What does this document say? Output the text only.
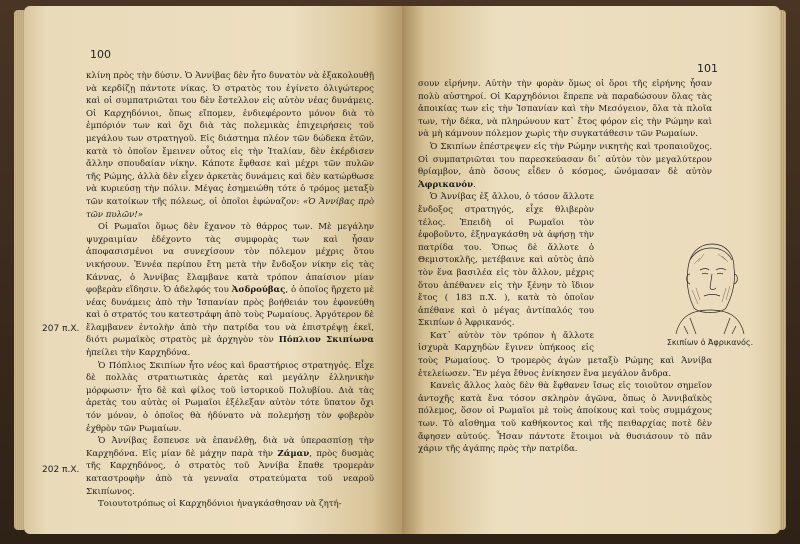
100
207 π.Χ.
202 π.Χ.

κλίνη πρὸς τὴν δύσιν. Ὁ Ἀννίβας δὲν ἦτο δυνατὸν νὰ ἐξακολουθῇ νὰ κερδίζῃ πάντοτε νίκας. Ὁ στρατὸς του ἐγίνετο ὀλιγώτερος καὶ οἱ συμπατριῶται του δὲν ἔστελλον εἰς αὐτὸν νέας δυνάμεις. Οἱ Καρχηδόνιοι, ὅπως εἴπομεν, ἐνδιεφέροντο μόνον διὰ τὸ ἐμπόριόν των καὶ ὄχι διὰ τὰς πολεμικὰς ἐπιχειρήσεις τοῦ μεγάλου των στρατηγοῦ. Εἰς διάστημα πλέον τῶν δώδεκα ἐτῶν, κατὰ τὸ ὁποῖον ἔμεινεν οὗτος εἰς τὴν Ἰταλίαν, δὲν ἐκέρδισεν ἄλλην σπουδαίαν νίκην. Κάποτε ἔφθασε καὶ μέχρι τῶν πυλῶν τῆς Ρώμης, ἀλλὰ δὲν εἶχεν ἀρκετὰς δυνάμεις καὶ δὲν κατώρθωσε νὰ κυριεύσῃ τὴν πόλιν. Μέγας ἐσημειώθη τότε ὁ τρόμος μεταξὺ τῶν κατοίκων τῆς πόλεως, οἱ ὁποῖοι ἐφώναζον: «Ὁ Ἀννίβας πρὸ τῶν πυλῶν!»

Οἱ Ρωμαῖοι ὅμως δὲν ἔχανον τὸ θάρρος των. Μὲ μεγάλην ψυχραιμίαν ἐδέχοντο τὰς συμφορὰς των καὶ ἦσαν ἀποφασισμένοι να συνεχίσουν τὸν πόλεμον μέχρις ὅτου νικήσουν. Ἐννέα περίπου ἔτη μετὰ τὴν ἔνδοξον νίκην εἰς τὰς Κάννας, ὁ Ἀννίβας ἔλαμβανε κατὰ τρόπον ἀπαίσιον μίαν φοβερὰν εἴδησιν. Ὁ ἀδελφός του Ἀσδρούβας, ὁ ὁποῖος ἤρχετο μὲ νέας δυνάμεις ἀπὸ τὴν Ἰσπανίαν πρὸς βοήθειάν του ἐφονεύθη καὶ ὁ στρατός του κατεστράφη ἀπὸ τοὺς Ρωμαίους. Ἀργότερον δὲ ἔλαμβανεν ἐντολὴν ἀπὸ τὴν πατρίδα του νὰ ἐπιστρέψῃ ἐκεῖ, διότι ρωμαϊκὸς στρατὸς μὲ ἀρχηγὸν τὸν Πόπλιον Σκιπίωνα ἠπείλει τὴν Καρχηδόνα.

Ὁ Πόπλιος Σκιπίων ἦτο νέος καὶ δραστήριος στρατηγός. Εἶχε δὲ πολλὰς στρατιωτικὰς ἀρετὰς καὶ μεγάλην ἑλληνικὴν μόρφωσιν· ἦτο δὲ καὶ φίλος τοῦ ἱστορικοῦ Πολυβίου. Διὰ τὰς ἀρετὰς του αὐτὰς οἱ Ρωμαῖοι ἐξέλεξαν αὐτὸν τότε ὕπατον ὄχι τόν μόνον, ὁ ὁποῖος θὰ ἠδύνατο νὰ πολεμήσῃ τὸν φοβερὸν ἐχθρὸν τῶν Ρωμαίων.

Ὁ Ἀννίβας ἔσπευσε νὰ ἐπανέλθῃ, διὰ νὰ ὑπερασπίσῃ τὴν Καρχηδόνα. Εἰς μίαν δὲ μάχην παρὰ τὴν Ζάμαν, πρὸς δυσμὰς τῆς Καρχηδόνος, ὁ στρατὸς τοῦ Ἀννίβα ἔπαθε τρομερὰν καταστροφὴν ἀπὸ τὰ γενναῖα στρατεύματα τοῦ νεαροῦ Σκιπίωνος.

Τοιουτοτρόπως οἱ Καρχηδόνιοι ἠναγκάσθησαν νὰ ζητή-

101

σουν εἰρήνην. Αὐτὴν τὴν φορὰν ὅμως οἱ ὅροι τῆς εἰρήνης ἦσαν πολὺ αὐστηροί. Οἱ Καρχηδόνιοι ἔπρεπε νὰ παραδώσουν ὅλας τὰς ἀποικίας των εἰς τὴν Ἰσπανίαν καὶ τὴν Μεσόγειον, ὅλα τὰ πλοῖα των, τὴν δέκα, νὰ πληρώνουν κατ᾽ ἔτος φόρον εἰς τὴν Ρώμην καὶ νὰ μὴ κάμνουν πόλεμον χωρὶς τὴν συγκατάθεσιν τῶν Ρωμαίων.

Ὁ Σκιπίων ἐπέστρεψεν εἰς τὴν Ρώμην νικητὴς καὶ τροπαιοῦχος. Οἱ συμπατριῶται του παρεσκεύασαν δι᾽ αὐτὸν τὸν μεγαλύτερον θρίαμβον, ἀπὸ ὅσους εἶδεν ὁ κόσμος, ὠνόμασαν δὲ αὐτὸν Ἀφρικανόν.

Ὁ Ἀννίβας ἐξ ἄλλου, ὁ τόσον ἄλλοτε ἔνδοξος στρατηγός, εἶχε θλιβερὸν τέλος. Ἐπειδὴ οἱ Ρωμαῖοι τὸν ἐφοβοῦντο, ἐξηναγκάσθη νὰ ἀφήσῃ τὴν πατρίδα του. Ὅπως δὲ ἄλλοτε ὁ Θεμιστοκλῆς, μετέβαινε καὶ αὐτὸς ἀπὸ τὸν ἕνα βασιλέα εἰς τὸν ἄλλον, μέχρις ὅτου ἀπέθανεν εἰς τὴν ξένην τὸ ἴδιον ἔτος ( 183 π.Χ. ), κατὰ τὸ ὁποῖον ἀπέθανε καὶ ὁ μέγας ἀντίπαλός του Σκιπίων ὁ Ἀφρικανός.

Κατ᾽ αὐτὸν τὸν τρόπον ἡ ἄλλοτε ἰσχυρὰ Καρχηδὼν ἔγινεν ὑπήκοος εἰς τοὺς Ρωμαίους. Ὁ τρομερὸς ἀγὼν μεταξὺ Ρώμης καὶ Ἀννίβα ἐτελείωσεν. Ἕν μέγα ἔθνος ἐνίκησεν ἕνα μεγάλον ἄνδρα.

Κανεὶς ἄλλος λαὸς δὲν θὰ ἔφθανεν ἴσως εἰς τοιοῦτον σημεῖον ἀντοχῆς κατὰ ἕνα τόσον σκληρὸν ἀγῶνα, ὅπως ὁ Ἀννιβαϊκὸς πόλεμος, ὅσον οἱ Ρωμαῖοι μὲ τοὺς ἀποίκους καὶ τοὺς συμμάχους των. Τὸ αἴσθημα τοῦ καθήκοντος καὶ τῆς πειθαρχίας ποτὲ δὲν ἄφησεν αὐτούς. Ἦσαν πάντοτε ἕτοιμοι νὰ θυσιάσουν τὸ πᾶν χάριν τῆς ἀγάπης πρὸς τὴν πατρίδα.

Σκιπίων ὁ Ἀφρικανός.
